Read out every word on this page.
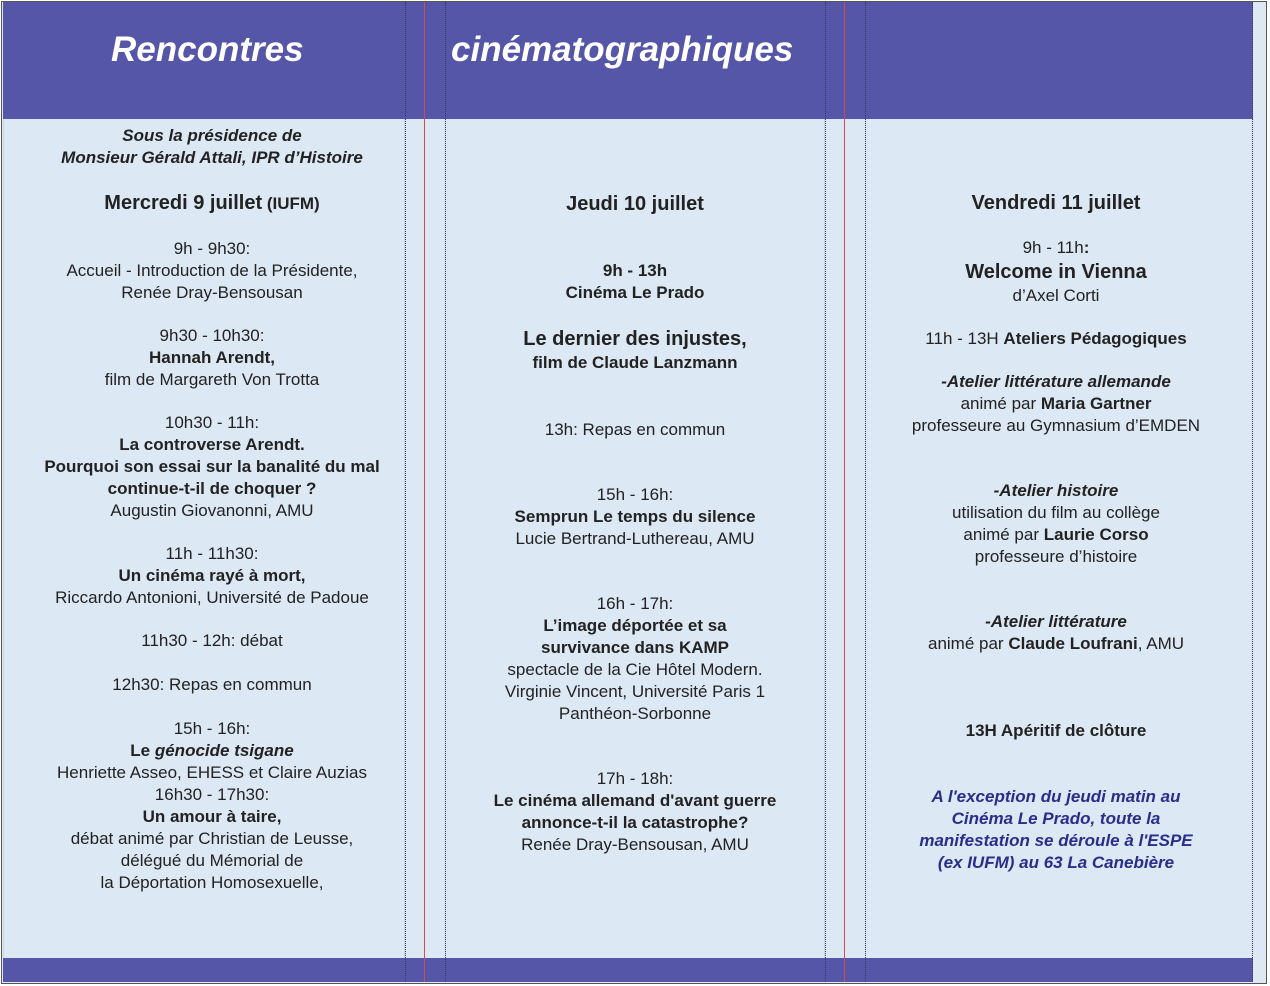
Rencontres	cinématographiques
Sous la présidence de
Monsieur Gérald Attali, IPR d’Histoire
Mercredi 9 juillet (IUFM)
9h - 9h30:
Accueil - Introduction de la Présidente,
Renée Dray-Bensousan
9h30 - 10h30:
Hannah Arendt,
film de Margareth Von Trotta
10h30 - 11h:
La controverse Arendt.
Pourquoi son essai sur la banalité du mal
continue-t-il de choquer ?
Augustin Giovanonni, AMU
11h - 11h30:
Un cinéma rayé à mort,
Riccardo Antonioni, Université de Padoue
11h30 - 12h: débat
12h30: Repas en commun
15h - 16h:
Le génocide tsigane
Henriette Asseo, EHESS et Claire Auzias
16h30 - 17h30:
Un amour à taire,
débat animé par Christian de Leusse,
délégué du Mémorial de
la Déportation Homosexuelle,
Jeudi 10 juillet
9h - 13h
Cinéma Le Prado
Le dernier des injustes,
film de Claude Lanzmann
13h: Repas en commun
15h - 16h:
Semprun Le temps du silence
Lucie Bertrand-Luthereau, AMU
16h - 17h:
L’image déportée et sa
survivance dans KAMP
spectacle de la Cie Hôtel Modern.
Virginie Vincent, Université Paris 1
Panthéon-Sorbonne
17h - 18h:
Le cinéma allemand d'avant guerre
annonce-t-il la catastrophe?
Renée Dray-Bensousan, AMU
Vendredi 11 juillet
9h - 11h:
Welcome in Vienna
d’Axel Corti
11h - 13H Ateliers Pédagogiques
-Atelier littérature allemande
animé par Maria Gartner
professeure au Gymnasium d’EMDEN
-Atelier histoire
utilisation du film au collège
animé par Laurie Corso
professeure d’histoire
-Atelier littérature
animé par Claude Loufrani, AMU
13H Apéritif de clôture
A l'exception du jeudi matin au
Cinéma Le Prado, toute la
manifestation se déroule à l'ESPE
(ex IUFM) au 63 La Canebière
